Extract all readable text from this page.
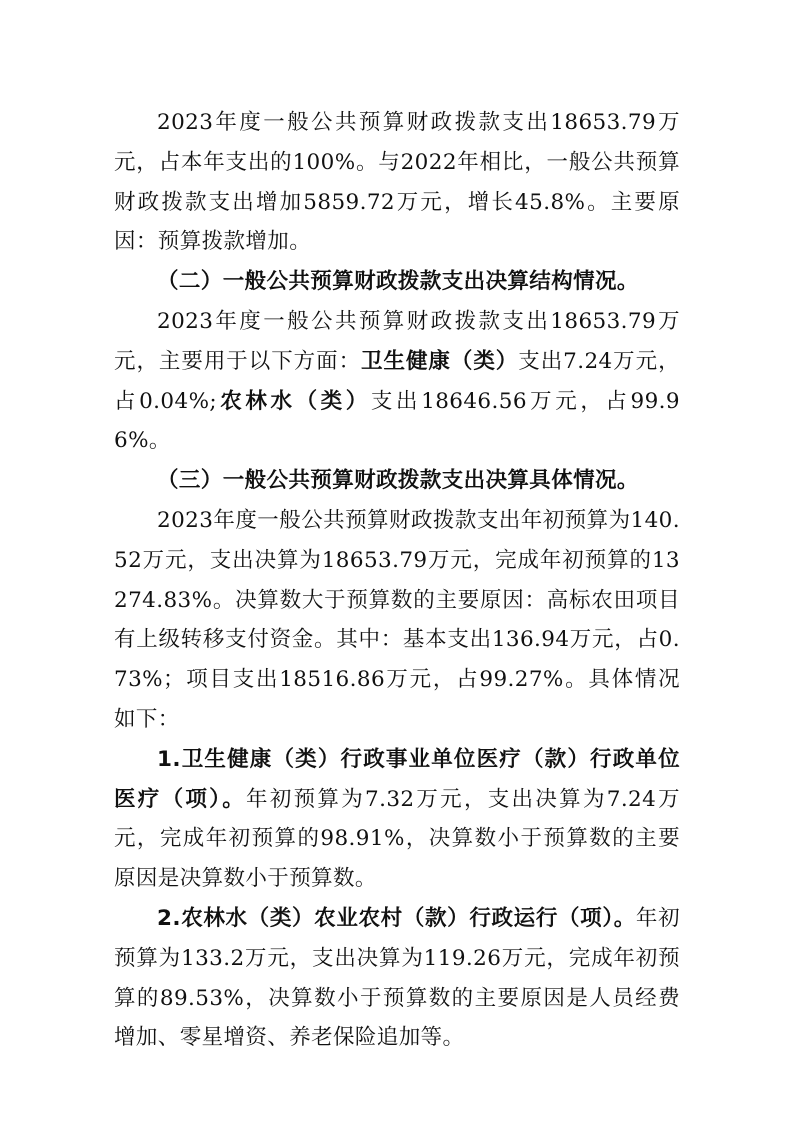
2023年度一般公共预算财政拨款支出18653.79万元，占本年支出的100%。与2022年相比，一般公共预算财政拨款支出增加5859.72万元，增长45.8%。主要原因：预算拨款增加。

（二）一般公共预算财政拨款支出决算结构情况。

2023年度一般公共预算财政拨款支出18653.79万元，主要用于以下方面：卫生健康（类）支出7.24万元，占0.04%;农林水（类）支出18646.56万元，占99.96%。

（三）一般公共预算财政拨款支出决算具体情况。

2023年度一般公共预算财政拨款支出年初预算为140.52万元，支出决算为18653.79万元，完成年初预算的13274.83%。决算数大于预算数的主要原因：高标农田项目有上级转移支付资金。其中：基本支出136.94万元，占0.73%；项目支出18516.86万元，占99.27%。具体情况如下：

1.卫生健康（类）行政事业单位医疗（款）行政单位医疗（项）。年初预算为7.32万元，支出决算为7.24万元，完成年初预算的98.91%，决算数小于预算数的主要原因是决算数小于预算数。

2.农林水（类）农业农村（款）行政运行（项）。年初预算为133.2万元，支出决算为119.26万元，完成年初预算的89.53%，决算数小于预算数的主要原因是人员经费增加、零星增资、养老保险追加等。
